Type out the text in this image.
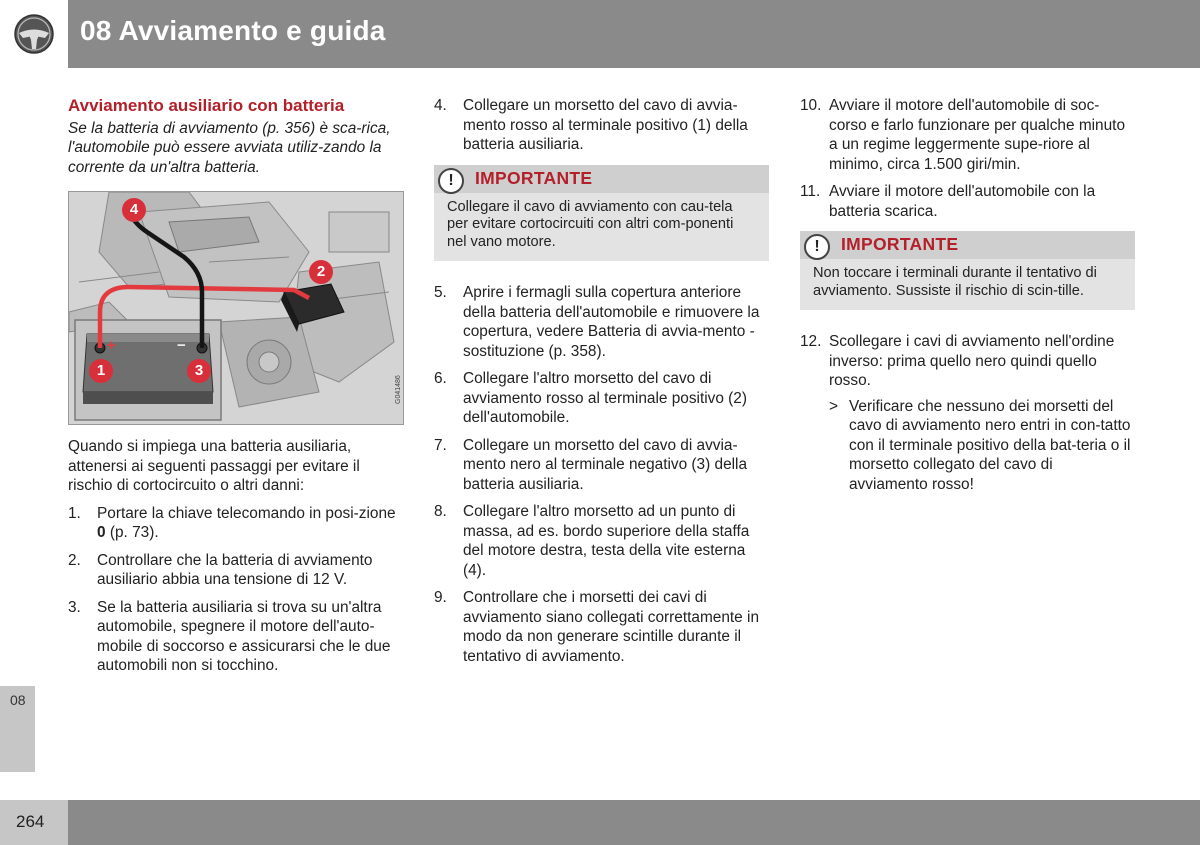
08 Avviamento e guida
08
Avviamento ausiliario con batteria
Se la batteria di avviamento (p. 356) è sca-rica, l'automobile può essere avviata utiliz-zando la corrente da un'altra batteria.
G041486
+	−
4
2
1	3
Quando si impiega una batteria ausiliaria, attenersi ai seguenti passaggi per evitare il rischio di cortocircuito o altri danni:
1. Portare la chiave telecomando in posi-zione 0 (p. 73).
2. Controllare che la batteria di avviamento ausiliario abbia una tensione di 12 V.
3. Se la batteria ausiliaria si trova su un'altra automobile, spegnere il motore dell'auto-mobile di soccorso e assicurarsi che le due automobili non si tocchino.
4. Collegare un morsetto del cavo di avvia-mento rosso al terminale positivo (1) della batteria ausiliaria.
!
IMPORTANTE
Collegare il cavo di avviamento con cau-tela per evitare cortocircuiti con altri com-ponenti nel vano motore.
5. Aprire i fermagli sulla copertura anteriore della batteria dell'automobile e rimuovere la copertura, vedere Batteria di avvia-mento - sostituzione (p. 358).
6. Collegare l'altro morsetto del cavo di avviamento rosso al terminale positivo (2) dell'automobile.
7. Collegare un morsetto del cavo di avvia-mento nero al terminale negativo (3) della batteria ausiliaria.
8. Collegare l'altro morsetto ad un punto di massa, ad es. bordo superiore della staffa del motore destra, testa della vite esterna (4).
9. Controllare che i morsetti dei cavi di avviamento siano collegati correttamente in modo da non generare scintille durante il tentativo di avviamento.
10. Avviare il motore dell'automobile di soc-corso e farlo funzionare per qualche minuto a un regime leggermente supe-riore al minimo, circa 1.500 giri/min.
11. Avviare il motore dell'automobile con la batteria scarica.
!
IMPORTANTE
Non toccare i terminali durante il tentativo di avviamento. Sussiste il rischio di scin-tille.
12. Scollegare i cavi di avviamento nell'ordine inverso: prima quello nero quindi quello rosso.
> Verificare che nessuno dei morsetti del cavo di avviamento nero entri in con-tatto con il terminale positivo della bat-teria o il morsetto collegato del cavo di avviamento rosso!
264
